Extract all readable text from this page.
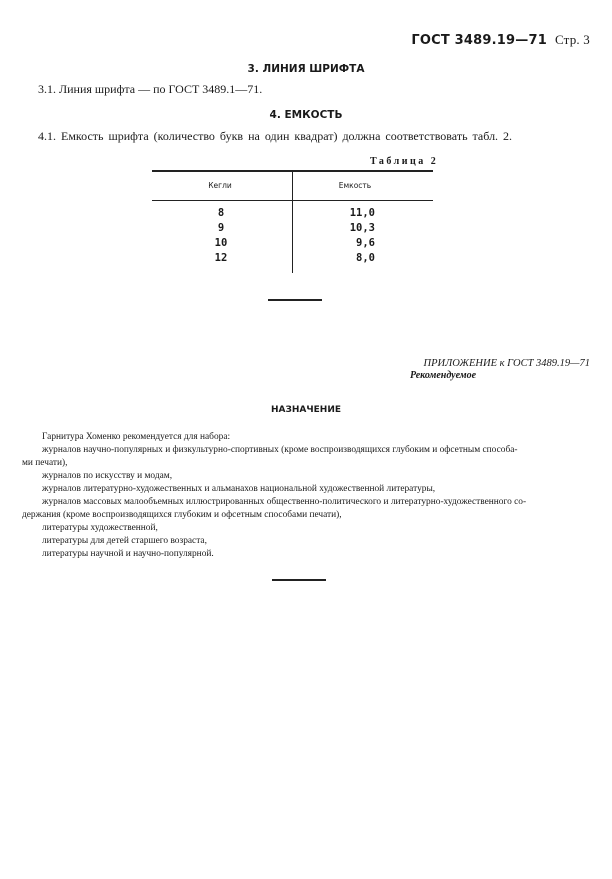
ГОСТ 3489.19—71 Стр. 3
3. ЛИНИЯ ШРИФТА
3.1. Линия шрифта — по ГОСТ 3489.1—71.
4. ЕМКОСТЬ
4.1. Емкость шрифта (количество букв на один квадрат) должна соответствовать табл. 2.
Таблица 2
Кегли	Емкость
8	11,0
9	10,3
10	9,6
12	8,0
ПРИЛОЖЕНИЕ к ГОСТ 3489.19—71
Рекомендуемое
НАЗНАЧЕНИЕ
Гарнитура Хоменко рекомендуется для набора:
журналов научно-популярных и физкультурно-спортивных (кроме воспроизводящихся глубоким и офсетным способа-
ми печати),
журналов по искусству и модам,
журналов литературно-художественных и альманахов национальной художественной литературы,
журналов массовых малообъемных иллюстрированных общественно-политического и литературно-художественного со-
держания (кроме воспроизводящихся глубоким и офсетным способами печати),
литературы художественной,
литературы для детей старшего возраста,
литературы научной и научно-популярной.
